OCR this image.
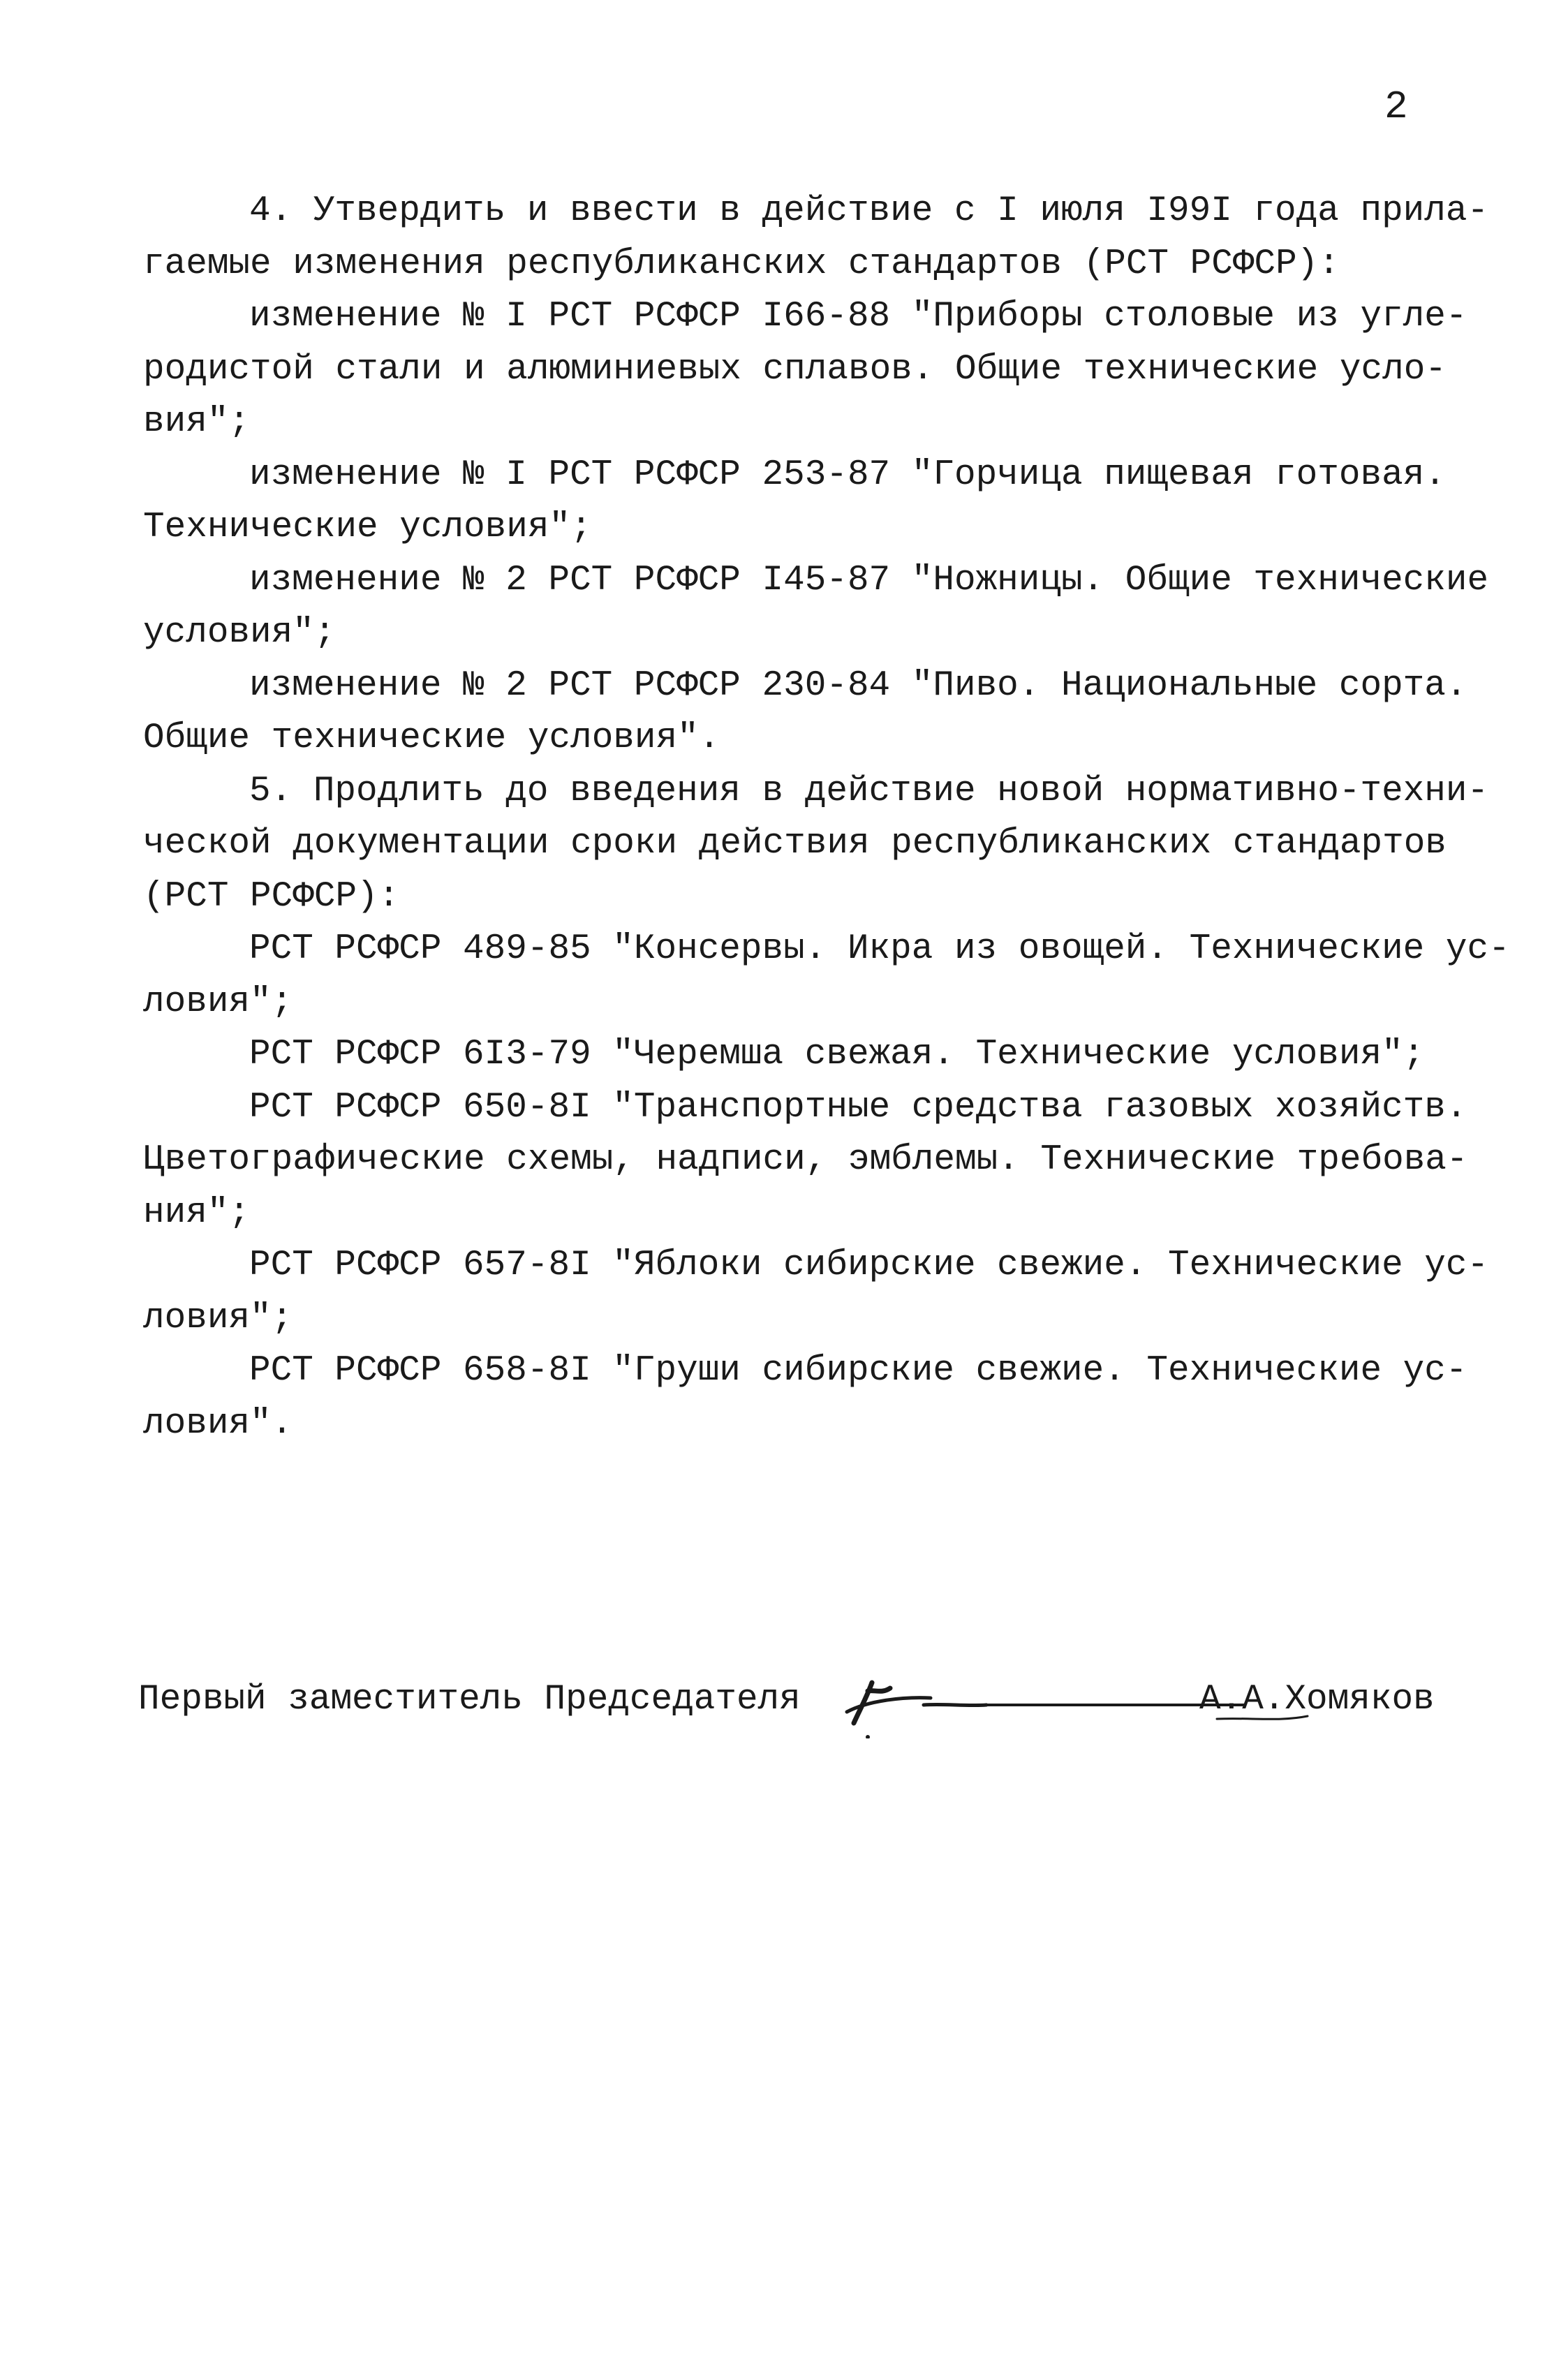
2
4. Утвердить и ввести в действие с I июля I99I года прила-
гаемые изменения республиканских стандартов (РСТ РСФСР):
изменение № I РСТ РСФСР I66-88 "Приборы столовые из угле-
родистой стали и алюминиевых сплавов. Общие технические усло-
вия";
изменение № I РСТ РСФСР 253-87 "Горчица пищевая готовая.
Технические условия";
изменение № 2 РСТ РСФСР I45-87 "Ножницы. Общие технические
условия";
изменение № 2 РСТ РСФСР 230-84 "Пиво. Национальные сорта.
Общие технические условия".
5. Продлить до введения в действие новой нормативно-техни-
ческой документации сроки действия республиканских стандартов
(РСТ РСФСР):
РСТ РСФСР 489-85 "Консервы. Икра из овощей. Технические ус-
ловия";
РСТ РСФСР 6I3-79 "Черемша свежая. Технические условия";
РСТ РСФСР 650-8I "Транспортные средства газовых хозяйств.
Цветографические схемы, надписи, эмблемы. Технические требова-
ния";
РСТ РСФСР 657-8I "Яблоки сибирские свежие. Технические ус-
ловия";
РСТ РСФСР 658-8I "Груши сибирские свежие. Технические ус-
ловия".
Первый заместитель Председателя	А.А.Хомяков
